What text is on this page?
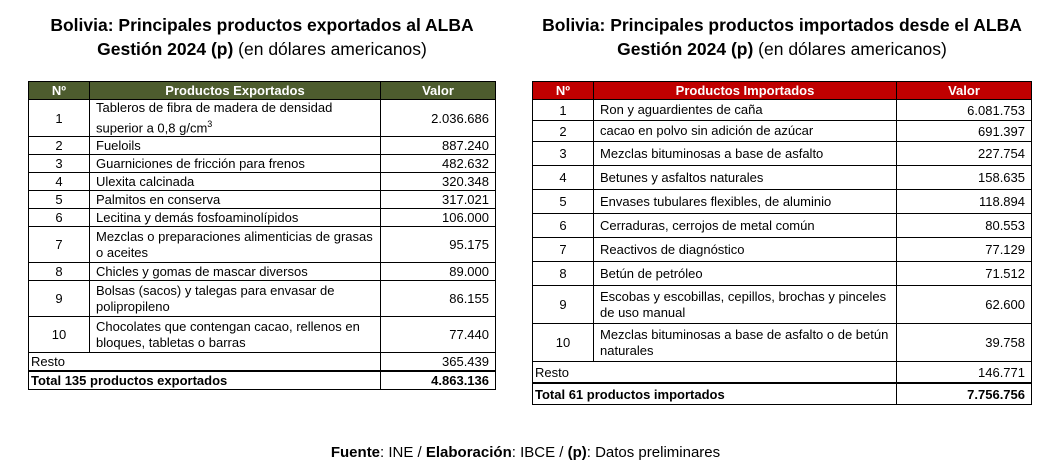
Bolivia: Principales productos exportados al ALBA
Gestión 2024 (p) (en dólares americanos)
Nº	Productos Exportados	Valor
1	Tableros de fibra de madera de densidad superior a 0,8 $g/cm^3$	2.036.686
2	Fueloils	887.240
3	Guarniciones de fricción para frenos	482.632
4	Ulexita calcinada	320.348
5	Palmitos en conserva	317.021
6	Lecitina y demás fosfoaminolípidos	106.000
7	Mezclas o preparaciones alimenticias de grasas o aceites	95.175
8	Chicles y gomas de mascar diversos	89.000
9	Bolsas (sacos) y talegas para envasar de polipropileno	86.155
10	Chocolates que contengan cacao, rellenos en bloques, tabletas o barras	77.440
Resto		365.439
Total 135 productos exportados		4.863.136
Bolivia: Principales productos importados desde el ALBA
Gestión 2024 (p) (en dólares americanos)
Nº	Productos Importados	Valor
1	Ron y aguardientes de caña	6.081.753
2	cacao en polvo sin adición de azúcar	691.397
3	Mezclas bituminosas a base de asfalto	227.754
4	Betunes y asfaltos naturales	158.635
5	Envases tubulares flexibles, de aluminio	118.894
6	Cerraduras, cerrojos de metal común	80.553
7	Reactivos de diagnóstico	77.129
8	Betún de petróleo	71.512
9	Escobas y escobillas, cepillos, brochas y pinceles de uso manual	62.600
10	Mezclas bituminosas a base de asfalto o de betún naturales	39.758
Resto		146.771
Total 61 productos importados		7.756.756
Fuente: INE / Elaboración: IBCE / (p): Datos preliminares
